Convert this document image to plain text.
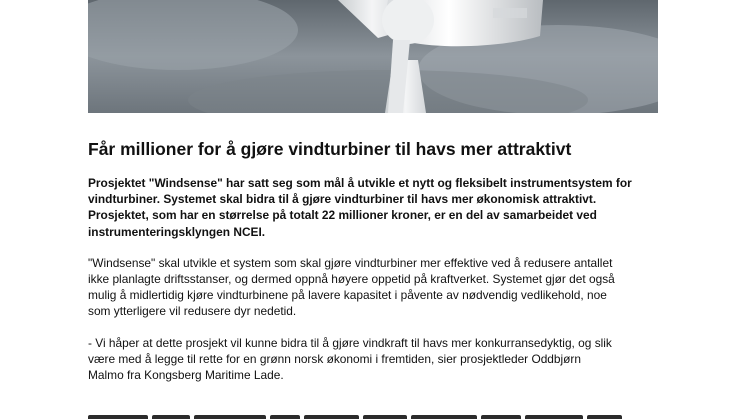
Får millioner for å gjøre vindturbiner til havs mer attraktivt
Prosjektet "Windsense" har satt seg som mål å utvikle et nytt og fleksibelt instrumentsystem for
vindturbiner. Systemet skal bidra til å gjøre vindturbiner til havs mer økonomisk attraktivt.
Prosjektet, som har en størrelse på totalt 22 millioner kroner, er en del av samarbeidet ved
instrumenteringsklyngen NCEI.
"Windsense" skal utvikle et system som skal gjøre vindturbiner mer effektive ved å redusere antallet
ikke planlagte driftsstanser, og dermed oppnå høyere oppetid på kraftverket. Systemet gjør det også
mulig å midlertidig kjøre vindturbinene på lavere kapasitet i påvente av nødvendig vedlikehold, noe
som ytterligere vil redusere dyr nedetid.
- Vi håper at dette prosjekt vil kunne bidra til å gjøre vindkraft til havs mer konkurransedyktig, og slik
være med å legge til rette for en grønn norsk økonomi i fremtiden, sier prosjektleder Oddbjørn
Malmo fra Kongsberg Maritime Lade.
